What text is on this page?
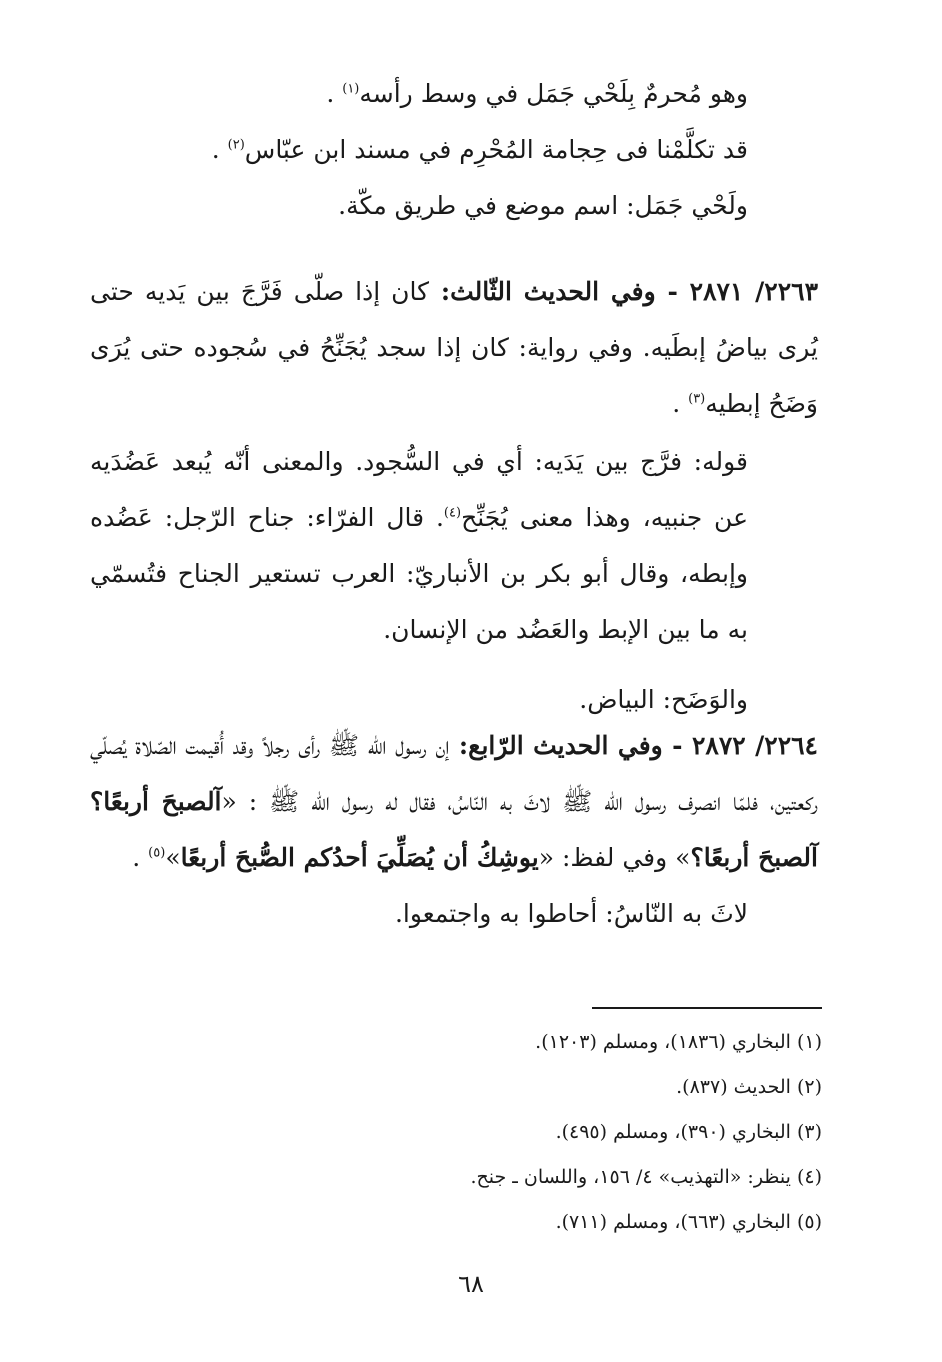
وهو مُحرمٌ بِلَحْي جَمَل في وسط رأسه$^{(١)}$ .

قد تكلَّمْنا فى حِجامة المُحْرِم في مسند ابن عبّاس$^{(٢)}$ .

ولَحْي جَمَل: اسم موضع في طريق مكّة.

٢٢٦٣/ ٢٨٧١ - وفي الحديث الثّالث: كان إذا صلّى فَرَّجَ بين يَديه حتى يُرى بياضُ إبطَيه. وفي رواية: كان إذا سجد يُجَنِّحُ في سُجوده حتى يُرَى وَضَحُ إبطيه$^{(٣)}$ .

قوله: فرَّج بين يَدَيه: أي في السُّجود. والمعنى أنّه يُبعد عَضُدَيه عن جنبيه، وهذا معنى يُجَنِّح$^{(٤)}$. قال الفرّاء: جناح الرّجل: عَضُده وإبطه، وقال أبو بكر بن الأنباريّ: العرب تستعير الجناح فتُسمّي به ما بين الإبط والعَضُد من الإنسان.

والوَضَح: البياض.

٢٢٦٤/ ٢٨٧٢ - وفي الحديث الرّابع: إن رسول الله ﷺ رأى رجلاً وقد أُقيمت الصّلاة يُصلّي ركعتين، فلمّا انصرف رسول الله ﷺ لاثَ به النّاسُ، فقال له رسول الله ﷺ : «آلصبحَ أربعًا؟ آلصبحَ أربعًا؟» وفي لفظ: «يوشِكُ أن يُصَلِّيَ أحدُكم الصُّبحَ أربعًا»$^{(٥)}$ .

لاثَ به النّاسُ: أحاطوا به واجتمعوا.

(١) البخاري (١٨٣٦)، ومسلم (١٢٠٣).

(٢) الحديث (٨٣٧).

(٣) البخاري (٣٩٠)، ومسلم (٤٩٥).

(٤) ينظر: «التهذيب» ٤/ ١٥٦، واللسان ـ جنح.

(٥) البخاري (٦٦٣)، ومسلم (٧١١).

٦٨
